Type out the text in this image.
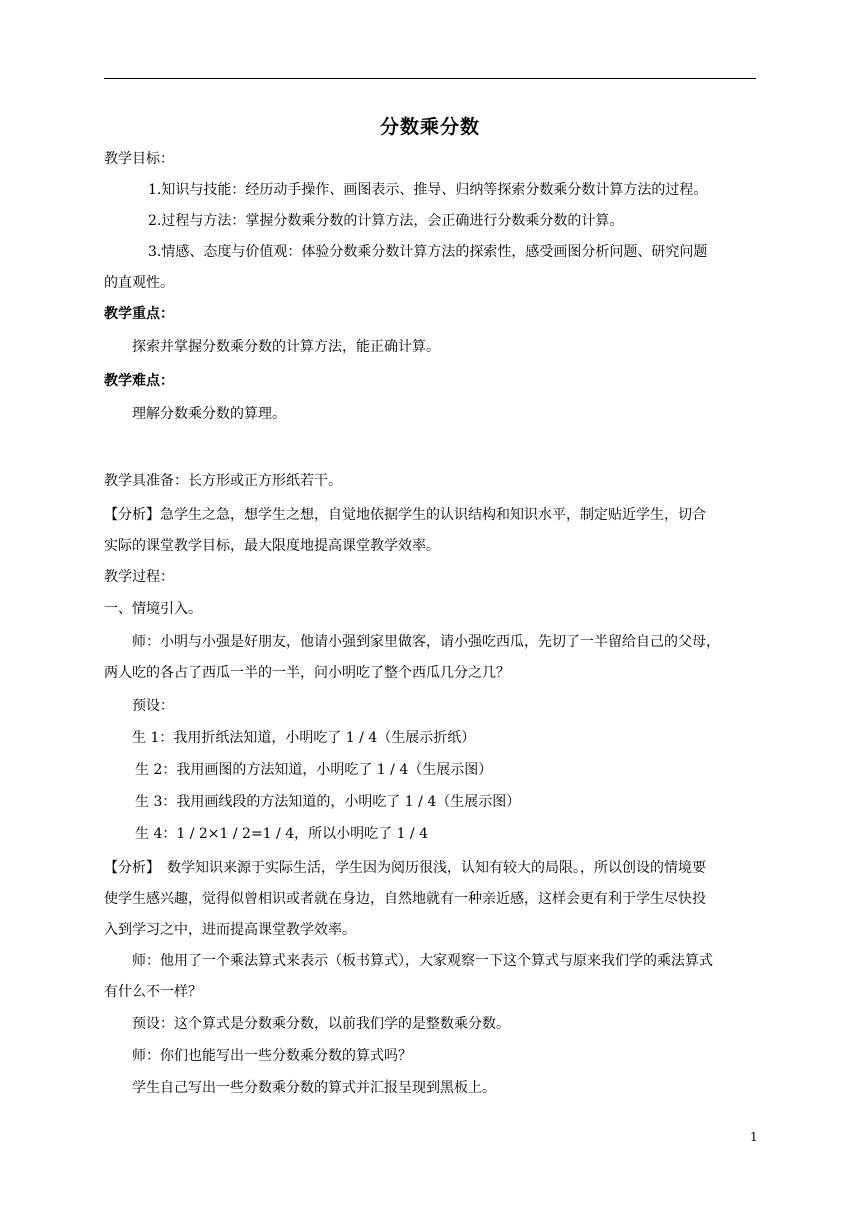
分数乘分数
教学目标：
1.知识与技能：经历动手操作、画图表示、推导、归纳等探索分数乘分数计算方法的过程。
2.过程与方法：掌握分数乘分数的计算方法，会正确进行分数乘分数的计算。
3.情感、态度与价值观：体验分数乘分数计算方法的探索性，感受画图分析问题、研究问题
的直观性。
教学重点：
探索并掌握分数乘分数的计算方法，能正确计算。
教学难点：
理解分数乘分数的算理。
教学具准备：长方形或正方形纸若干。
【分析】急学生之急，想学生之想，自觉地依据学生的认识结构和知识水平，制定贴近学生，切合
实际的课堂教学目标，最大限度地提高课堂教学效率。
教学过程：
一、情境引入。
师：小明与小强是好朋友，他请小强到家里做客，请小强吃西瓜，先切了一半留给自己的父母，
两人吃的各占了西瓜一半的一半，问小明吃了整个西瓜几分之几？
预设：
生 1：我用折纸法知道，小明吃了 1 / 4（生展示折纸）
生 2：我用画图的方法知道，小明吃了 1 / 4（生展示图）
生 3：我用画线段的方法知道的，小明吃了 1 / 4（生展示图）
生 4：1 / 2×1 / 2=1 / 4，所以小明吃了 1 / 4
【分析】　数学知识来源于实际生活，学生因为阅历很浅，认知有较大的局限。，所以创设的情境要
使学生感兴趣，觉得似曾相识或者就在身边，自然地就有一种亲近感，这样会更有利于学生尽快投
入到学习之中，进而提高课堂教学效率。
师：他用了一个乘法算式来表示（板书算式），大家观察一下这个算式与原来我们学的乘法算式
有什么不一样？
预设：这个算式是分数乘分数，以前我们学的是整数乘分数。
师：你们也能写出一些分数乘分数的算式吗？
学生自己写出一些分数乘分数的算式并汇报呈现到黑板上。
1
